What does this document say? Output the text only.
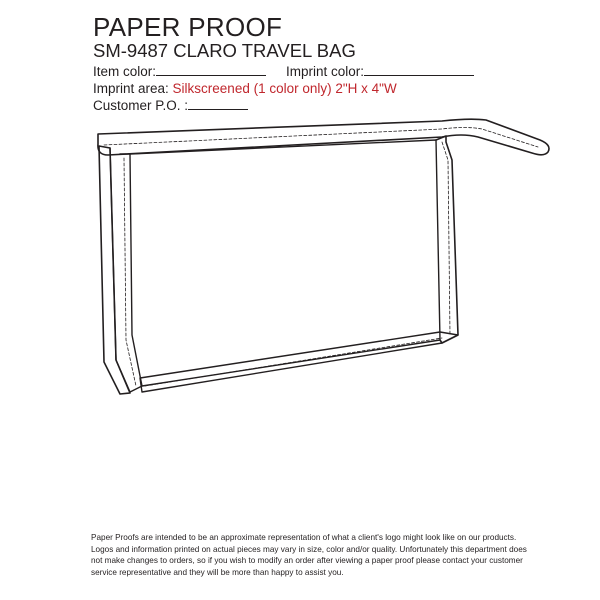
PAPER PROOF
SM-9487 CLARO TRAVEL BAG
Item color:	Imprint color:
Imprint area: Silkscreened (1 color only) 2"H x 4"W
Customer P.O. :
Paper Proofs are intended to be an approximate representation of what a client's logo might look like on our products. Logos and information printed on actual pieces may vary in size, color and/or quality. Unfortunately this department does not make changes to orders, so if you wish to modify an order after viewing a paper proof please contact your customer service representative and they will be more than happy to assist you.
